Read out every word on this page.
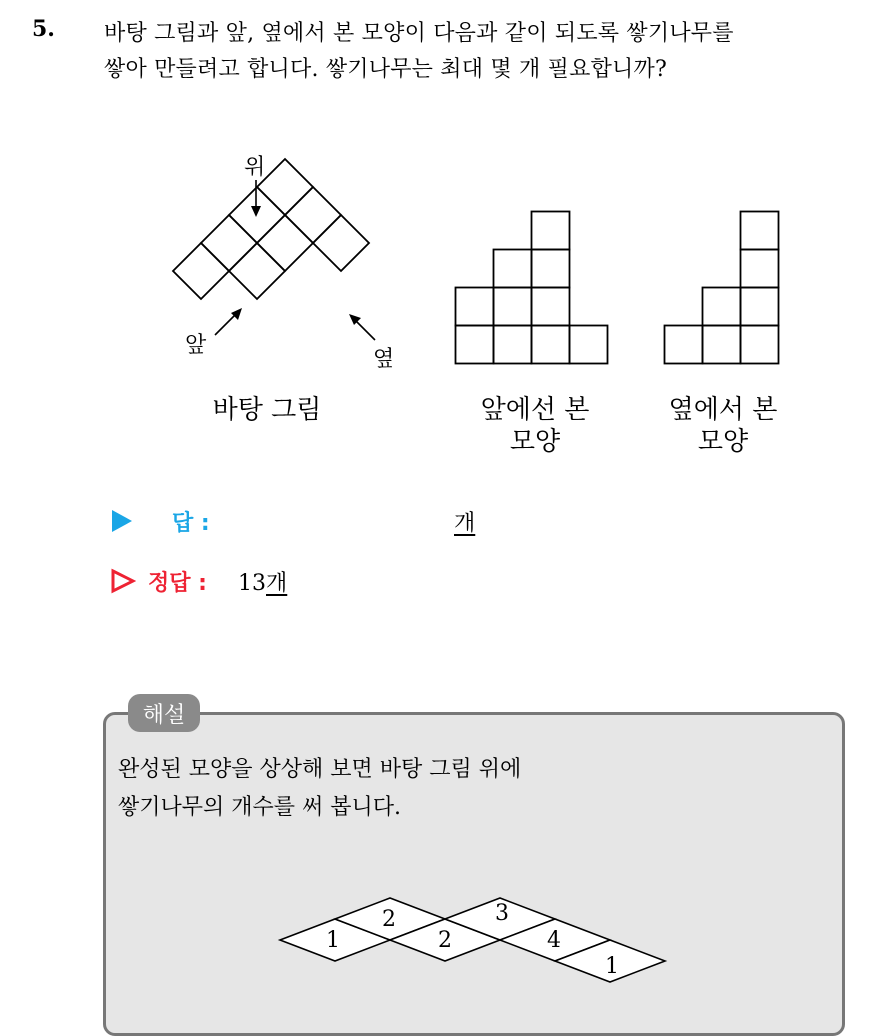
5. 바탕 그림과 앞, 옆에서 본 모양이 다음과 같이 되도록 쌓기나무를
쌓아 만들려고 합니다. 쌓기나무는 최대 몇 개 필요합니까?
위
앞
옆
바탕 그림	앞에선 본
모양
옆에서 본
모양
답 :	개
정답 : 13개
해설
완성된 모양을 상상해 보면 바탕 그림 위에
쌓기나무의 개수를 써 봅니다.
1
2
2
3
4
1
